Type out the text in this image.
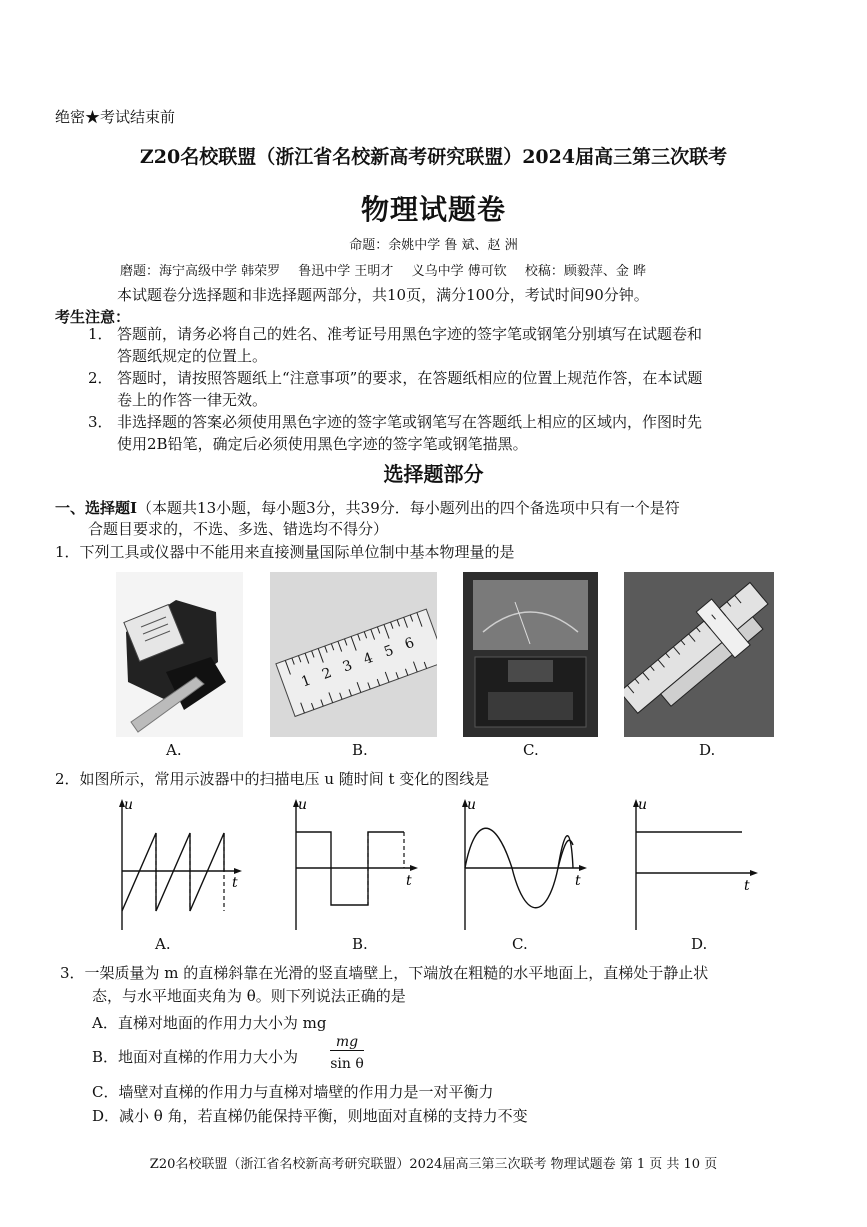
绝密★考试结束前
Z20名校联盟（浙江省名校新高考研究联盟）2024届高三第三次联考
物理试题卷
命题：余姚中学 鲁 斌、赵 洲
磨题：海宁高级中学 韩荣罗 鲁迅中学 王明才 义乌中学 傅可钦 校稿：顾毅萍、金 晔
本试题卷分选择题和非选择题两部分，共10页，满分100分，考试时间90分钟。
考生注意：
1． 答题前，请务必将自己的姓名、准考证号用黑色字迹的签字笔或钢笔分别填写在试题卷和
答题纸规定的位置上。
2． 答题时，请按照答题纸上“注意事项”的要求，在答题纸相应的位置上规范作答，在本试题
卷上的作答一律无效。
3． 非选择题的答案必须使用黑色字迹的签字笔或钢笔写在答题纸上相应的区域内，作图时先
使用2B铅笔，确定后必须使用黑色字迹的签字笔或钢笔描黑。
选择题部分
一、选择题Ⅰ（本题共13小题，每小题3分，共39分．每小题列出的四个备选项中只有一个是符
合题目要求的，不选、多选、错选均不得分）
1．下列工具或仪器中不能用来直接测量国际单位制中基本物理量的是
1 2 3 4 5 6
A.	B.	C.	D.
2．如图所示，常用示波器中的扫描电压 u 随时间 t 变化的图线是
u
t
u
t
u
t
u
t
A.	B.	C.	D.
3．一架质量为 m 的直梯斜靠在光滑的竖直墙壁上，下端放在粗糙的水平地面上，直梯处于静止状
态，与水平地面夹角为 θ。则下列说法正确的是
A．直梯对地面的作用力大小为 mg
B．地面对直梯的作用力大小为
mg
sin θ
C．墙壁对直梯的作用力与直梯对墙壁的作用力是一对平衡力
D．减小 θ 角，若直梯仍能保持平衡，则地面对直梯的支持力不变
Z20名校联盟（浙江省名校新高考研究联盟）2024届高三第三次联考 物理试题卷 第 1 页 共 10 页
